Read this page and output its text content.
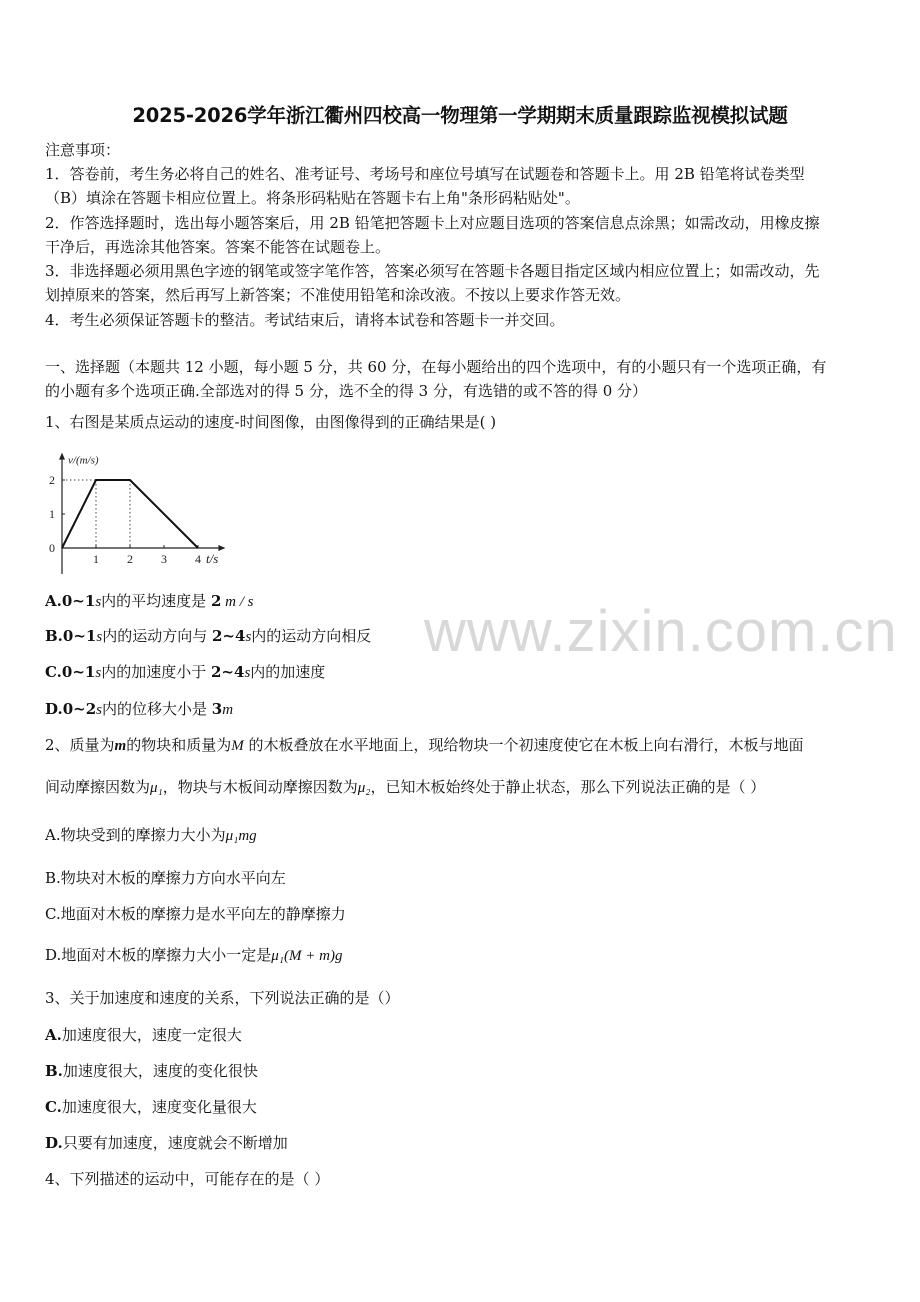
www.zixin.com.cn
2025-2026学年浙江衢州四校高一物理第一学期期末质量跟踪监视模拟试题
注意事项：
1．答卷前，考生务必将自己的姓名、准考证号、考场号和座位号填写在试题卷和答题卡上。用 2B 铅笔将试卷类型
（B）填涂在答题卡相应位置上。将条形码粘贴在答题卡右上角"条形码粘贴处"。
2．作答选择题时，选出每小题答案后，用 2B 铅笔把答题卡上对应题目选项的答案信息点涂黑；如需改动，用橡皮擦
干净后，再选涂其他答案。答案不能答在试题卷上。
3．非选择题必须用黑色字迹的钢笔或签字笔作答，答案必须写在答题卡各题目指定区域内相应位置上；如需改动，先
划掉原来的答案，然后再写上新答案；不准使用铅笔和涂改液。不按以上要求作答无效。
4．考生必须保证答题卡的整洁。考试结束后，请将本试卷和答题卡一并交回。
一、选择题（本题共 12 小题，每小题 5 分，共 60 分，在每小题给出的四个选项中，有的小题只有一个选项正确，有
的小题有多个选项正确.全部选对的得 5 分，选不全的得 3 分，有选错的或不答的得 0 分）
1、右图是某质点运动的速度-时间图像，由图像得到的正确结果是( )
1 2 3 4
0
1
2
v/(m/s)
t/s
A.0~1s内的平均速度是 2 m / s
B.0~1s内的运动方向与 2~4s内的运动方向相反
C.0~1s内的加速度小于 2~4s内的加速度
D.0~2s内的位移大小是 3m
2、质量为m的物块和质量为M 的木板叠放在水平地面上，现给物块一个初速度使它在木板上向右滑行，木板与地面
间动摩擦因数为μ₁，物块与木板间动摩擦因数为μ₂，已知木板始终处于静止状态，那么下列说法正确的是（ ）
A.物块受到的摩擦力大小为μ₁mg
B.物块对木板的摩擦力方向水平向左
C.地面对木板的摩擦力是水平向左的静摩擦力
D.地面对木板的摩擦力大小一定是μ₁(M + m)g
3、关于加速度和速度的关系，下列说法正确的是（）
A.加速度很大，速度一定很大
B.加速度很大，速度的变化很快
C.加速度很大，速度变化量很大
D.只要有加速度，速度就会不断增加
4、下列描述的运动中，可能存在的是（ ）
